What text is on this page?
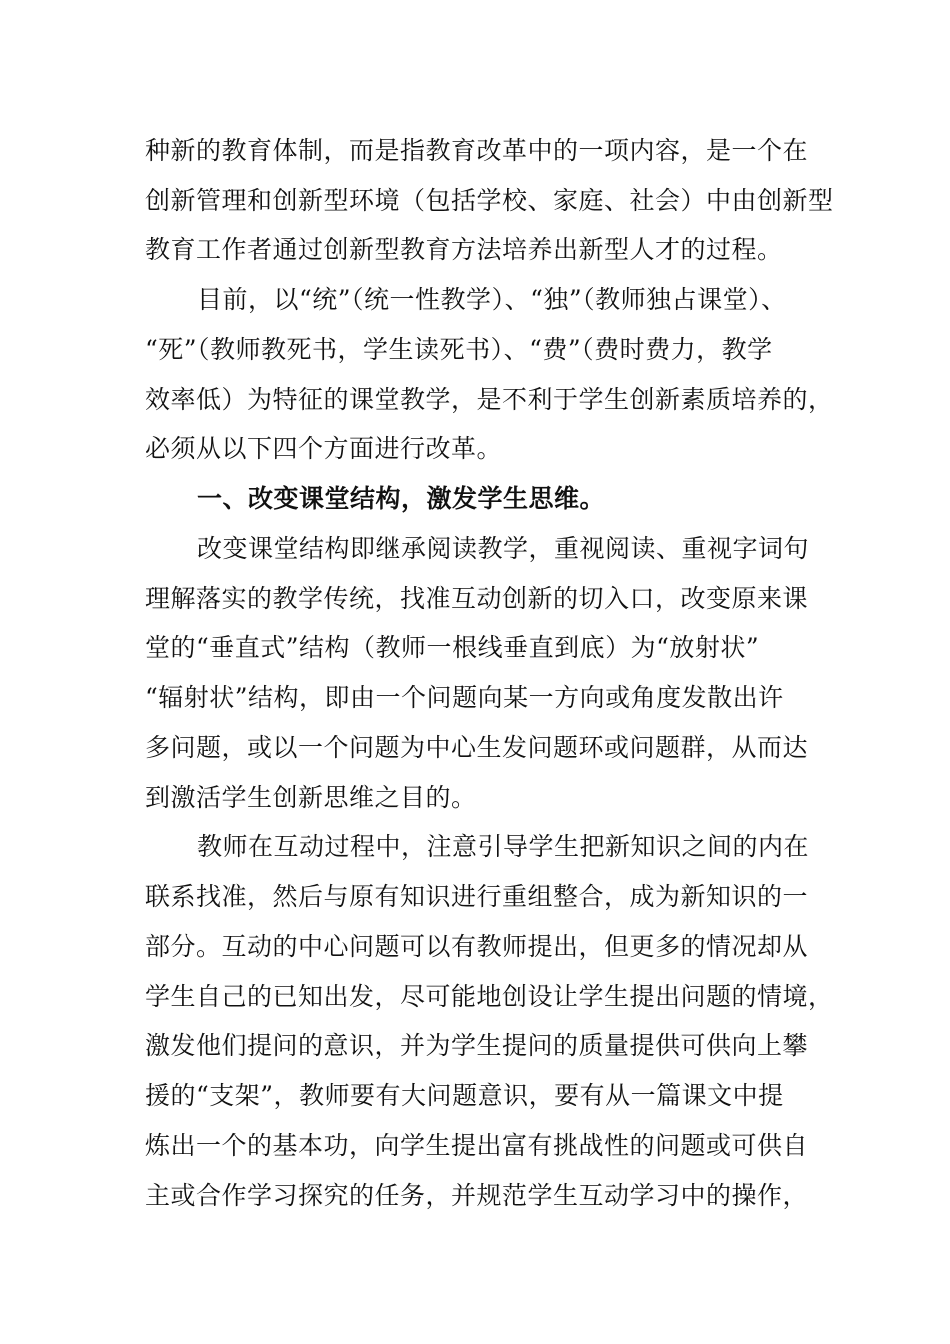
种新的教育体制，而是指教育改革中的一项内容，是一个在
创新管理和创新型环境（包括学校、家庭、社会）中由创新型
教育工作者通过创新型教育方法培养出新型人才的过程。
目前，以“统”（统一性教学）、“独”（教师独占课堂）、
“死”（教师教死书，学生读死书）、“费”（费时费力，教学
效率低）为特征的课堂教学，是不利于学生创新素质培养的，
必须从以下四个方面进行改革。
一、改变课堂结构，激发学生思维。
改变课堂结构即继承阅读教学，重视阅读、重视字词句
理解落实的教学传统，找准互动创新的切入口，改变原来课
堂的“垂直式”结构（教师一根线垂直到底）为“放射状”
“辐射状”结构，即由一个问题向某一方向或角度发散出许
多问题，或以一个问题为中心生发问题环或问题群，从而达
到激活学生创新思维之目的。
教师在互动过程中，注意引导学生把新知识之间的内在
联系找准，然后与原有知识进行重组整合，成为新知识的一
部分。互动的中心问题可以有教师提出，但更多的情况却从
学生自己的已知出发，尽可能地创设让学生提出问题的情境，
激发他们提问的意识，并为学生提问的质量提供可供向上攀
援的“支架”，教师要有大问题意识，要有从一篇课文中提
炼出一个的基本功，向学生提出富有挑战性的问题或可供自
主或合作学习探究的任务，并规范学生互动学习中的操作，
